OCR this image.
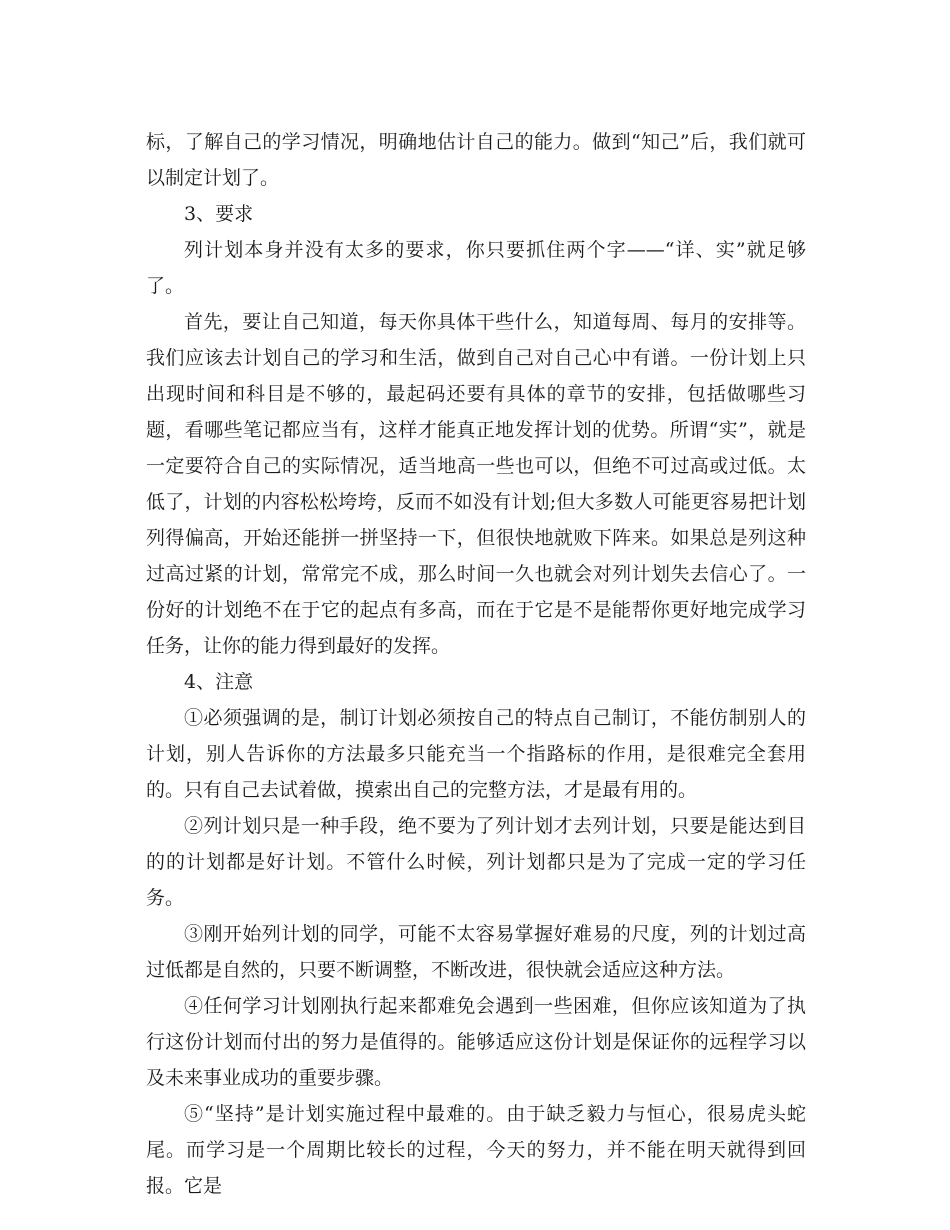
标，了解自己的学习情况，明确地估计自己的能力。做到“知己”后，我们就可以制定计划了。

3、要求

列计划本身并没有太多的要求，你只要抓住两个字——“详、实”就足够了。

首先，要让自己知道，每天你具体干些什么，知道每周、每月的安排等。我们应该去计划自己的学习和生活，做到自己对自己心中有谱。一份计划上只出现时间和科目是不够的，最起码还要有具体的章节的安排，包括做哪些习题，看哪些笔记都应当有，这样才能真正地发挥计划的优势。所谓“实”，就是一定要符合自己的实际情况，适当地高一些也可以，但绝不可过高或过低。太低了，计划的内容松松垮垮，反而不如没有计划;但大多数人可能更容易把计划列得偏高，开始还能拼一拼坚持一下，但很快地就败下阵来。如果总是列这种过高过紧的计划，常常完不成，那么时间一久也就会对列计划失去信心了。一份好的计划绝不在于它的起点有多高，而在于它是不是能帮你更好地完成学习任务，让你的能力得到最好的发挥。

4、注意

①必须强调的是，制订计划必须按自己的特点自己制订，不能仿制别人的计划，别人告诉你的方法最多只能充当一个指路标的作用，是很难完全套用的。只有自己去试着做，摸索出自己的完整方法，才是最有用的。

②列计划只是一种手段，绝不要为了列计划才去列计划，只要是能达到目的的计划都是好计划。不管什么时候，列计划都只是为了完成一定的学习任务。

③刚开始列计划的同学，可能不太容易掌握好难易的尺度，列的计划过高过低都是自然的，只要不断调整，不断改进，很快就会适应这种方法。

④任何学习计划刚执行起来都难免会遇到一些困难，但你应该知道为了执行这份计划而付出的努力是值得的。能够适应这份计划是保证你的远程学习以及未来事业成功的重要步骤。

⑤“坚持”是计划实施过程中最难的。由于缺乏毅力与恒心，很易虎头蛇尾。而学习是一个周期比较长的过程，今天的努力，并不能在明天就得到回报。它是
